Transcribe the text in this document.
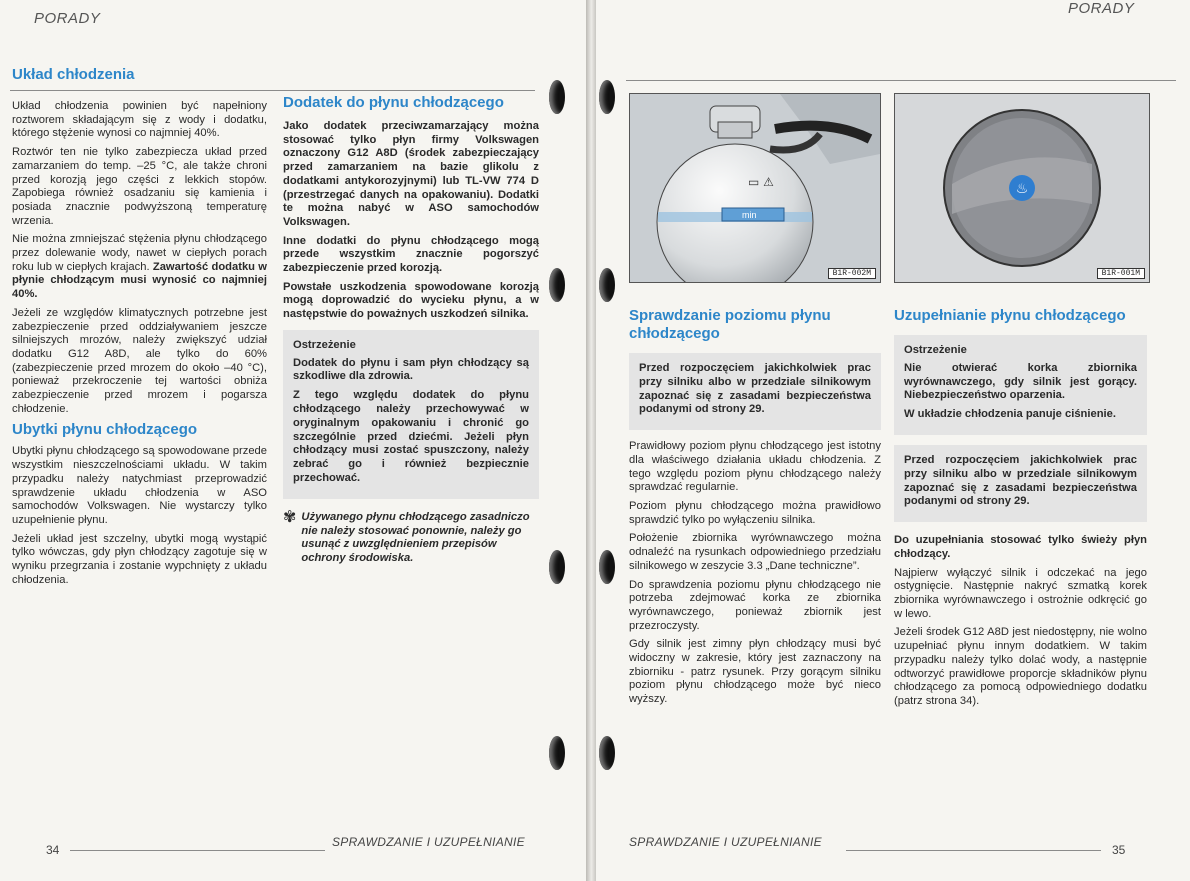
PORADY
Układ chłodzenia

Układ chłodzenia powinien być napełniony roztworem składającym się z wody i dodatku, którego stężenie wynosi co najmniej 40%.

Roztwór ten nie tylko zabezpiecza układ przed zamarzaniem do temp. –25 °C, ale także chroni przed korozją jego części z lekkich stopów. Zapobiega również osadzaniu się kamienia i posiada znacznie podwyższoną temperaturę wrzenia.

Nie można zmniejszać stężenia płynu chłodzącego przez dolewanie wody, nawet w ciepłych porach roku lub w ciepłych krajach. Zawartość dodatku w płynie chłodzącym musi wynosić co najmniej 40%.

Jeżeli ze względów klimatycznych potrzebne jest zabezpieczenie przed oddziaływaniem jeszcze silniejszych mrozów, należy zwiększyć udział dodatku G12 A8D, ale tylko do 60% (zabezpieczenie przed mrozem do około –40 °C), ponieważ przekroczenie tej wartości obniża zabezpieczenie przed mrozem i pogarsza chłodzenie.

Ubytki płynu chłodzącego

Ubytki płynu chłodzącego są spowodowane przede wszystkim nieszczelnościami układu. W takim przypadku należy natychmiast przeprowadzić sprawdzenie układu chłodzenia w ASO samochodów Volkswagen. Nie wystarczy tylko uzupełnienie płynu.

Jeżeli układ jest szczelny, ubytki mogą wystąpić tylko wówczas, gdy płyn chłodzący zagotuje się w wyniku przegrzania i zostanie wypchnięty z układu chłodzenia.

Dodatek do płynu chłodzącego

Jako dodatek przeciwzamarzający można stosować tylko płyn firmy Volkswagen oznaczony G12 A8D (środek zabezpieczający przed zamarzaniem na bazie glikolu z dodatkami antykorozyjnymi) lub TL-VW 774 D (przestrzegać danych na opakowaniu). Dodatki te można nabyć w ASO samochodów Volkswagen.

Inne dodatki do płynu chłodzącego mogą przede wszystkim znacznie pogorszyć zabezpieczenie przed korozją.

Powstałe uszkodzenia spowodowane korozją mogą doprowadzić do wycieku płynu, a w następstwie do poważnych uszkodzeń silnika.

Ostrzeżenie

Dodatek do płynu i sam płyn chłodzący są szkodliwe dla zdrowia.

Z tego względu dodatek do płynu chłodzącego należy przechowywać w oryginalnym opakowaniu i chronić go szczególnie przed dziećmi. Jeżeli płyn chłodzący musi zostać spuszczony, należy zebrać go i również bezpiecznie przechować.

✾ Używanego płynu chłodzącego zasadniczo nie należy stosować ponownie, należy go usunąć z uwzględnieniem przepisów ochrony środowiska.
34
SPRAWDZANIE I UZUPEŁNIANIE
PORADY
min
▭ ⚠
B1R-002M
♨
B1R-001M
Sprawdzanie poziomu płynu chłodzącego

Przed rozpoczęciem jakichkolwiek prac przy silniku albo w przedziale silnikowym zapoznać się z zasadami bezpieczeństwa podanymi od strony 29.

Prawidłowy poziom płynu chłodzącego jest istotny dla właściwego działania układu chłodzenia. Z tego względu poziom płynu chłodzącego należy sprawdzać regularnie.

Poziom płynu chłodzącego można prawidłowo sprawdzić tylko po wyłączeniu silnika.

Położenie zbiornika wyrównawczego można odnaleźć na rysunkach odpowiedniego przedziału silnikowego w zeszycie 3.3 „Dane techniczne”.

Do sprawdzenia poziomu płynu chłodzącego nie potrzeba zdejmować korka ze zbiornika wyrównawczego, ponieważ zbiornik jest przezroczysty.

Gdy silnik jest zimny płyn chłodzący musi być widoczny w zakresie, który jest zaznaczony na zbiorniku - patrz rysunek. Przy gorącym silniku poziom płynu chłodzącego może być nieco wyższy.

Uzupełnianie płynu chłodzącego
Ostrzeżenie

Nie otwierać korka zbiornika wyrównawczego, gdy silnik jest gorący. Niebezpieczeństwo oparzenia.

W układzie chłodzenia panuje ciśnienie.

Przed rozpoczęciem jakichkolwiek prac przy silniku albo w przedziale silnikowym zapoznać się z zasadami bezpieczeństwa podanymi od strony 29.

Do uzupełniania stosować tylko świeży płyn chłodzący.

Najpierw wyłączyć silnik i odczekać na jego ostygnięcie. Następnie nakryć szmatką korek zbiornika wyrównawczego i ostrożnie odkręcić go w lewo.

Jeżeli środek G12 A8D jest niedostępny, nie wolno uzupełniać płynu innym dodatkiem. W takim przypadku należy tylko dolać wody, a następnie odtworzyć prawidłowe proporcje składników płynu chłodzącego za pomocą odpowiedniego dodatku (patrz strona 34).

SPRAWDZANIE I UZUPEŁNIANIE
35
